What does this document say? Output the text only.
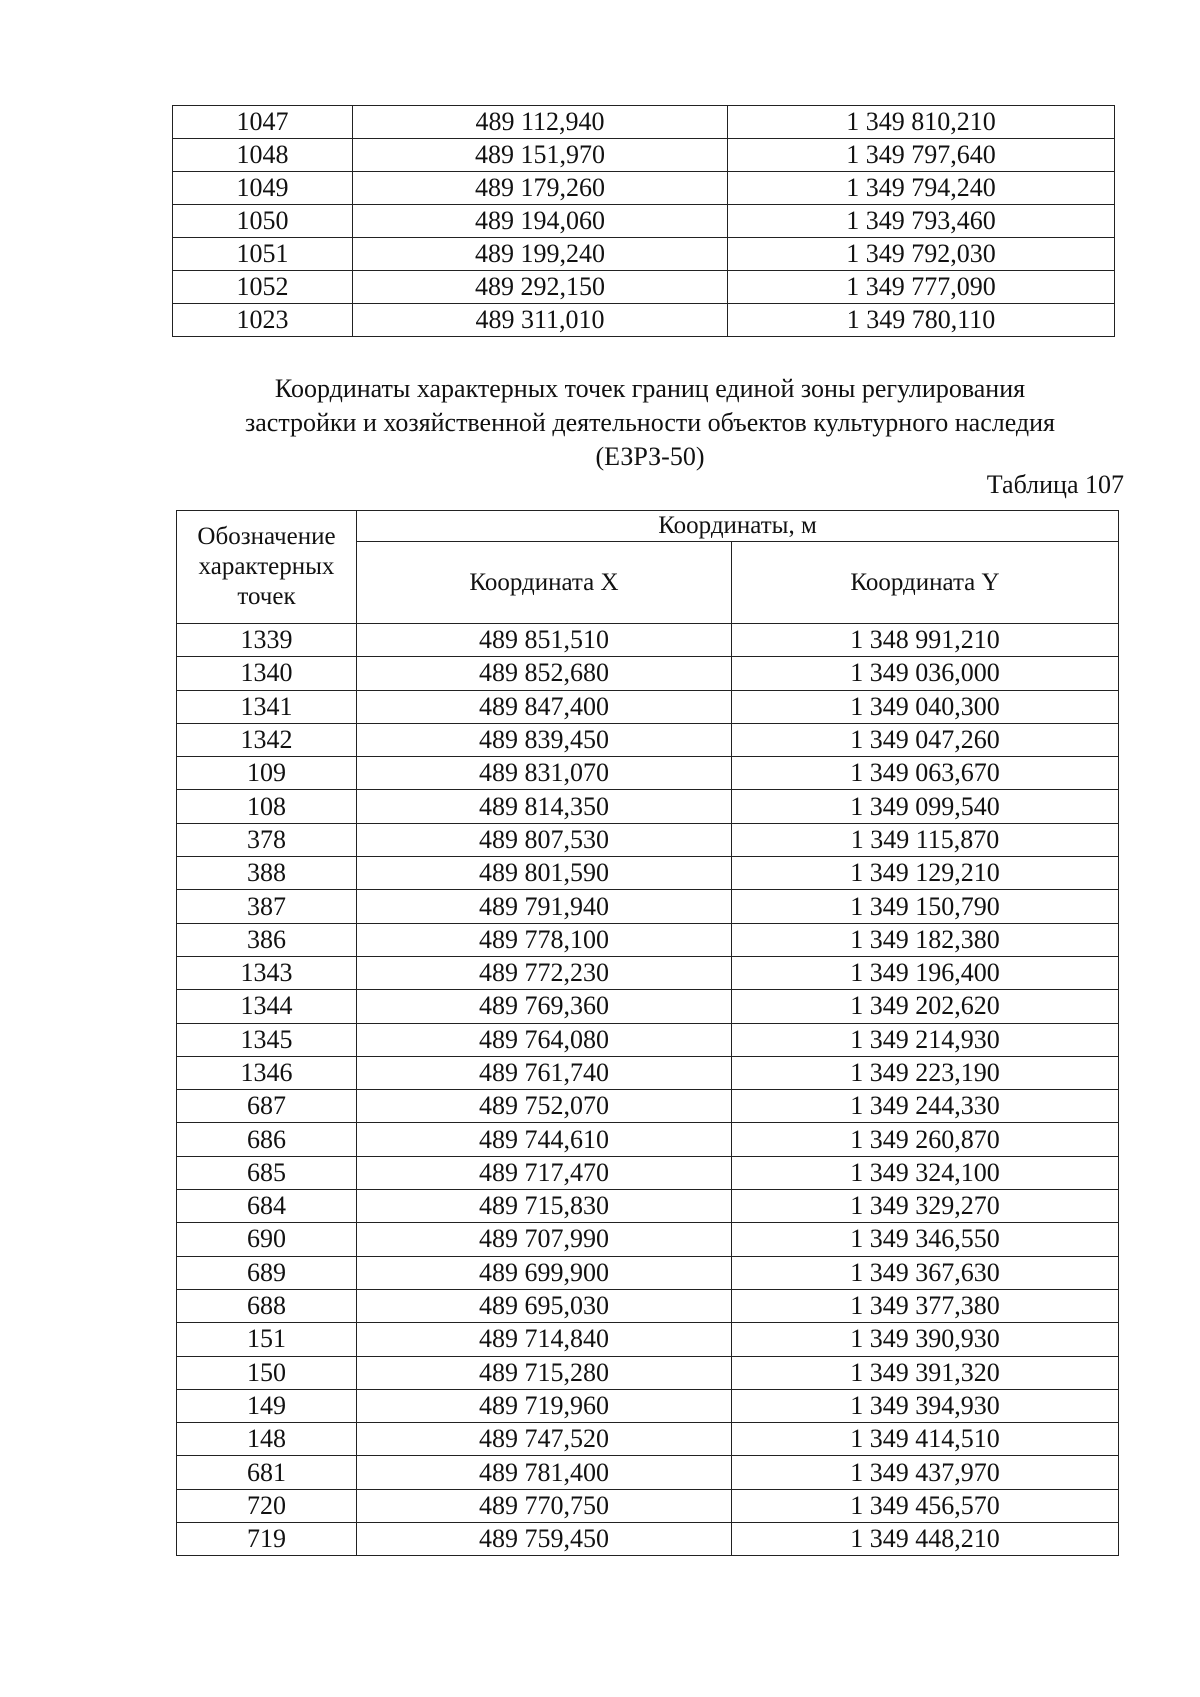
1047	489 112,940	1 349 810,210
1048	489 151,970	1 349 797,640
1049	489 179,260	1 349 794,240
1050	489 194,060	1 349 793,460
1051	489 199,240	1 349 792,030
1052	489 292,150	1 349 777,090
1023	489 311,010	1 349 780,110
Координаты характерных точек границ единой зоны регулирования
застройки и хозяйственной деятельности объектов культурного наследия
(ЕЗРЗ-50)
Таблица 107
Обозначение характерных точек	Координаты, м	
	Координата X	Координата Y
1339	489 851,510	1 348 991,210
1340	489 852,680	1 349 036,000
1341	489 847,400	1 349 040,300
1342	489 839,450	1 349 047,260
109	489 831,070	1 349 063,670
108	489 814,350	1 349 099,540
378	489 807,530	1 349 115,870
388	489 801,590	1 349 129,210
387	489 791,940	1 349 150,790
386	489 778,100	1 349 182,380
1343	489 772,230	1 349 196,400
1344	489 769,360	1 349 202,620
1345	489 764,080	1 349 214,930
1346	489 761,740	1 349 223,190
687	489 752,070	1 349 244,330
686	489 744,610	1 349 260,870
685	489 717,470	1 349 324,100
684	489 715,830	1 349 329,270
690	489 707,990	1 349 346,550
689	489 699,900	1 349 367,630
688	489 695,030	1 349 377,380
151	489 714,840	1 349 390,930
150	489 715,280	1 349 391,320
149	489 719,960	1 349 394,930
148	489 747,520	1 349 414,510
681	489 781,400	1 349 437,970
720	489 770,750	1 349 456,570
719	489 759,450	1 349 448,210
